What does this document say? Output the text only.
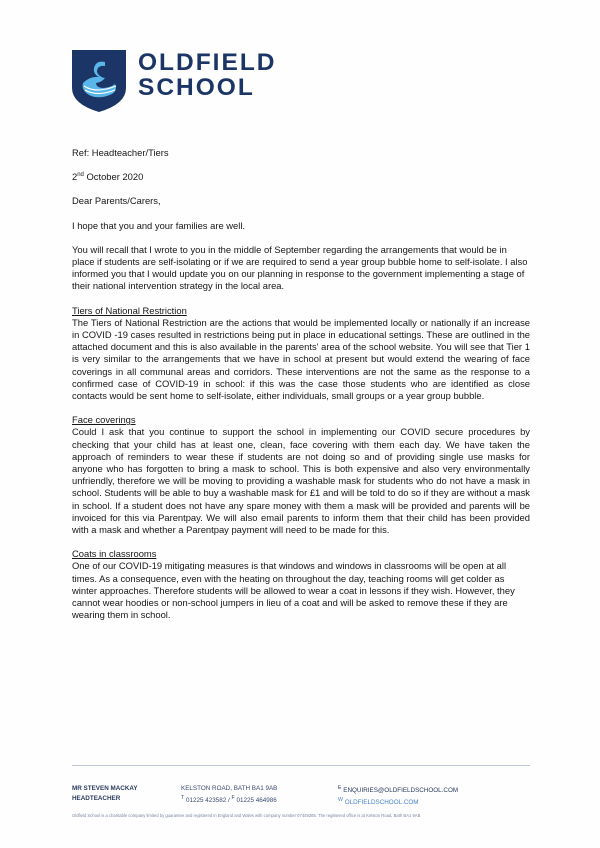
OLDFIELD
SCHOOL

Ref: Headteacher/Tiers

2nd October 2020

Dear Parents/Carers,

I hope that you and your families are well.

You will recall that I wrote to you in the middle of September regarding the arrangements that would be in place if students are self-isolating or if we are required to send a year group bubble home to self-isolate. I also informed you that I would update you on our planning in response to the government implementing a stage of their national intervention strategy in the local area.

Tiers of National Restriction
The Tiers of National Restriction are the actions that would be implemented locally or nationally if an increase in COVID -19 cases resulted in restrictions being put in place in educational settings. These are outlined in the attached document and this is also available in the parents' area of the school website. You will see that Tier 1 is very similar to the arrangements that we have in school at present but would extend the wearing of face coverings in all communal areas and corridors. These interventions are not the same as the response to a confirmed case of COVID-19 in school: if this was the case those students who are identified as close contacts would be sent home to self-isolate, either individuals, small groups or a year group bubble.
Face coverings
Could I ask that you continue to support the school in implementing our COVID secure procedures by checking that your child has at least one, clean, face covering with them each day. We have taken the approach of reminders to wear these if students are not doing so and of providing single use masks for anyone who has forgotten to bring a mask to school. This is both expensive and also very environmentally unfriendly, therefore we will be moving to providing a washable mask for students who do not have a mask in school. Students will be able to buy a washable mask for £1 and will be told to do so if they are without a mask in school. If a student does not have any spare money with them a mask will be provided and parents will be invoiced for this via Parentpay. We will also email parents to inform them that their child has been provided with a mask and whether a Parentpay payment will need to be made for this.
Coats in classrooms
One of our COVID-19 mitigating measures is that windows and windows in classrooms will be open at all times. As a consequence, even with the heating on throughout the day, teaching rooms will get colder as winter approaches. Therefore students will be allowed to wear a coat in lessons if they wish. However, they cannot wear hoodies or non-school jumpers in lieu of a coat and will be asked to remove these if they are wearing them in school.
MR STEVEN MACKAY
HEADTEACHER
KELSTON ROAD, BATH BA1 9AB
$^T$ 01225 423582 / $^F$ 01225 464986
$^E$ ENQUIRIES@OLDFIELDSCHOOL.COM
$^W$ OLDFIELDSCHOOL.COM
Oldfield School is a charitable company limited by guarantee and registered in England and Wales with company number 07449365. The registered office is at Kelston Road, Bath BA1 9AB
